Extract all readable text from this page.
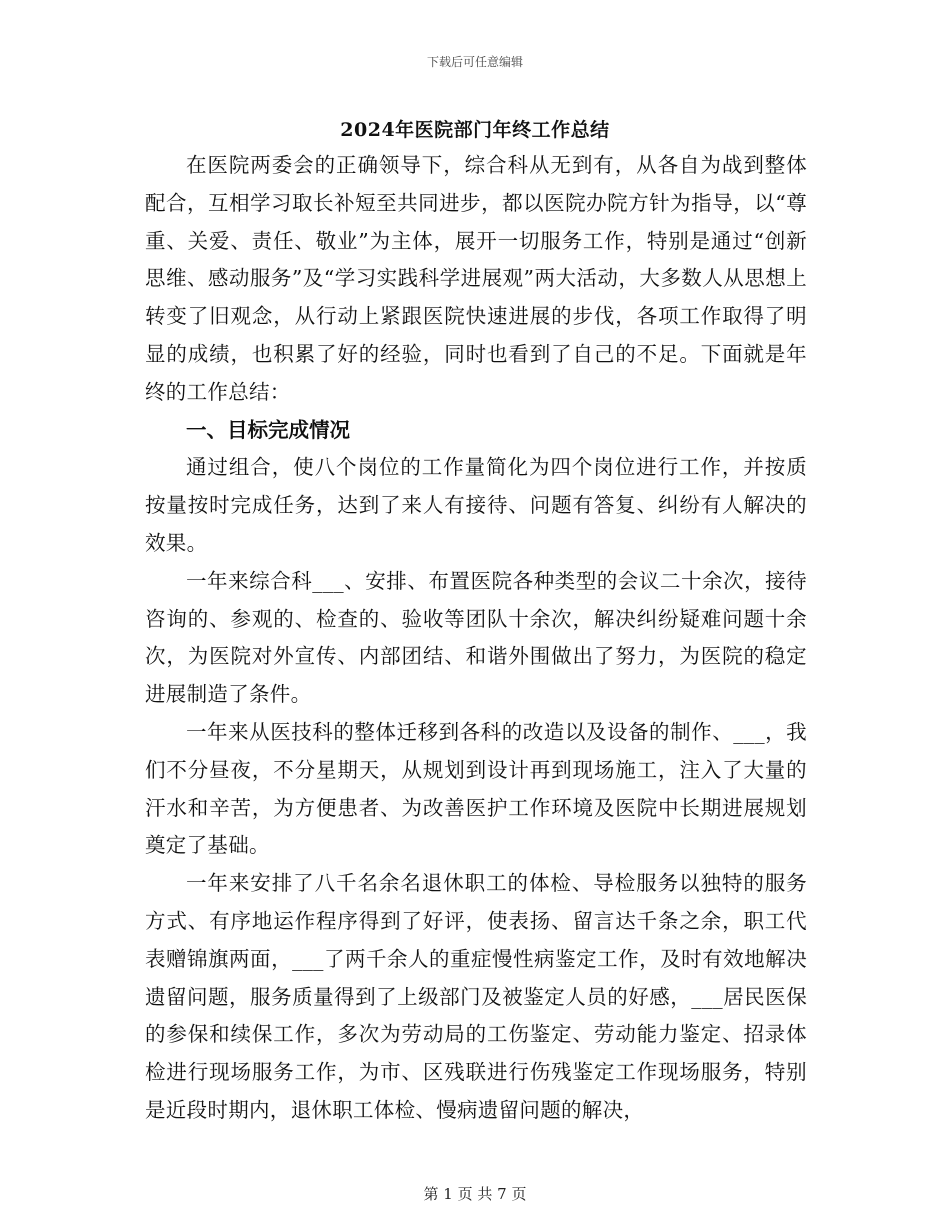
下载后可任意编辑
2024年医院部门年终工作总结

在医院两委会的正确领导下，综合科从无到有，从各自为战到整体配合，互相学习取长补短至共同进步，都以医院办院方针为指导，以“尊重、关爱、责任、敬业”为主体，展开一切服务工作，特别是通过“创新思维、感动服务”及“学习实践科学进展观”两大活动，大多数人从思想上转变了旧观念，从行动上紧跟医院快速进展的步伐，各项工作取得了明显的成绩，也积累了好的经验，同时也看到了自己的不足。下面就是年终的工作总结：

一、目标完成情况

通过组合，使八个岗位的工作量简化为四个岗位进行工作，并按质按量按时完成任务，达到了来人有接待、问题有答复、纠纷有人解决的效果。

一年来综合科___、安排、布置医院各种类型的会议二十余次，接待咨询的、参观的、检查的、验收等团队十余次，解决纠纷疑难问题十余次，为医院对外宣传、内部团结、和谐外围做出了努力，为医院的稳定进展制造了条件。

一年来从医技科的整体迁移到各科的改造以及设备的制作、___，我们不分昼夜，不分星期天，从规划到设计再到现场施工，注入了大量的汗水和辛苦，为方便患者、为改善医护工作环境及医院中长期进展规划奠定了基础。

一年来安排了八千名余名退休职工的体检、导检服务以独特的服务方式、有序地运作程序得到了好评，使表扬、留言达千条之余，职工代表赠锦旗两面，___了两千余人的重症慢性病鉴定工作，及时有效地解决遗留问题，服务质量得到了上级部门及被鉴定人员的好感，___居民医保的参保和续保工作，多次为劳动局的工伤鉴定、劳动能力鉴定、招录体检进行现场服务工作，为市、区残联进行伤残鉴定工作现场服务，特别是近段时期内，退休职工体检、慢病遗留问题的解决，

第 1 页 共 7 页
